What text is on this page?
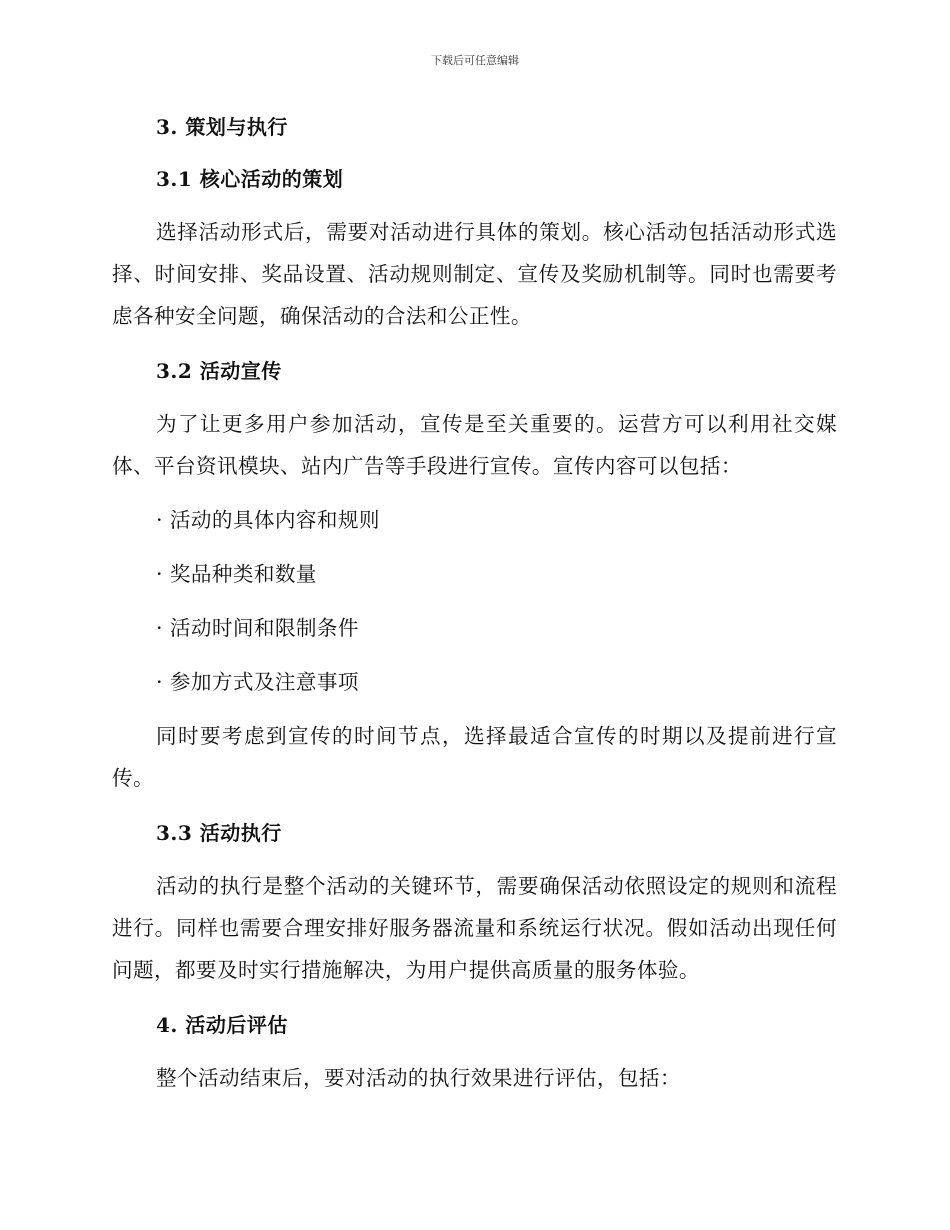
下载后可任意编辑
3. 策划与执行
3.1 核心活动的策划

选择活动形式后，需要对活动进行具体的策划。核心活动包括活动形式选择、时间安排、奖品设置、活动规则制定、宣传及奖励机制等。同时也需要考虑各种安全问题，确保活动的合法和公正性。

3.2 活动宣传

为了让更多用户参加活动，宣传是至关重要的。运营方可以利用社交媒体、平台资讯模块、站内广告等手段进行宣传。宣传内容可以包括：

· 活动的具体内容和规则

· 奖品种类和数量

· 活动时间和限制条件

· 参加方式及注意事项

同时要考虑到宣传的时间节点，选择最适合宣传的时期以及提前进行宣传。

3.3 活动执行

活动的执行是整个活动的关键环节，需要确保活动依照设定的规则和流程进行。同样也需要合理安排好服务器流量和系统运行状况。假如活动出现任何问题，都要及时实行措施解决，为用户提供高质量的服务体验。

4. 活动后评估

整个活动结束后，要对活动的执行效果进行评估，包括：
